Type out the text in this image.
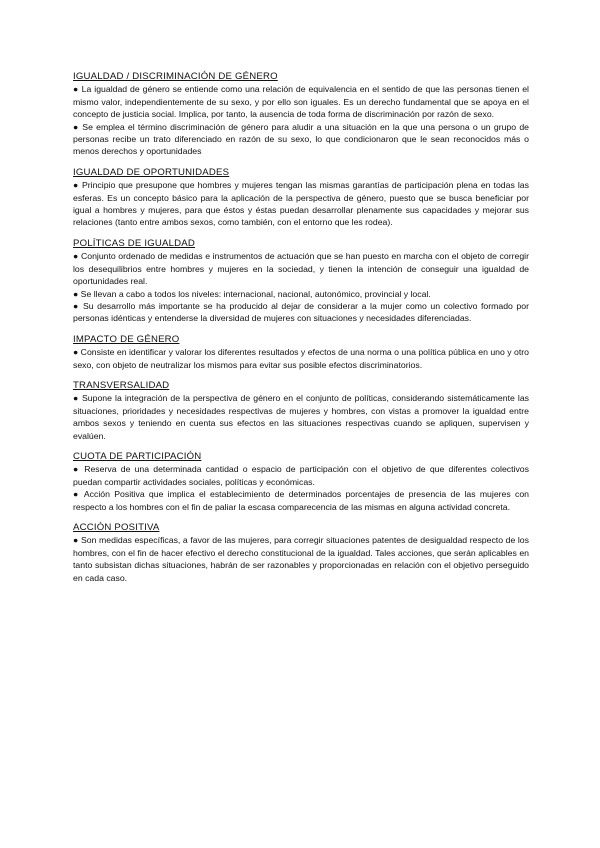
IGUALDAD / DISCRIMINACIÓN DE GÉNERO

● La igualdad de género se entiende como una relación de equivalencia en el sentido de que las personas tienen el mismo valor, independientemente de su sexo, y por ello son iguales. Es un derecho fundamental que se apoya en el concepto de justicia social. Implica, por tanto, la ausencia de toda forma de discriminación por razón de sexo.

● Se emplea el término discriminación de género para aludir a una situación en la que una persona o un grupo de personas recibe un trato diferenciado en razón de su sexo, lo que condicionaron que le sean reconocidos más o menos derechos y oportunidades

IGUALDAD DE OPORTUNIDADES

● Principio que presupone que hombres y mujeres tengan las mismas garantías de participación plena en todas las esferas. Es un concepto básico para la aplicación de la perspectiva de género, puesto que se busca beneficiar por igual a hombres y mujeres, para que éstos y éstas puedan desarrollar plenamente sus capacidades y mejorar sus relaciones (tanto entre ambos sexos, como también, con el entorno que les rodea).

POLÍTICAS DE IGUALDAD

● Conjunto ordenado de medidas e instrumentos de actuación que se han puesto en marcha con el objeto de corregir los desequilibrios entre hombres y mujeres en la sociedad, y tienen la intención de conseguir una igualdad de oportunidades real.

● Se llevan a cabo a todos los niveles: internacional, nacional, autonómico, provincial y local.

● Su desarrollo más importante se ha producido al dejar de considerar a la mujer como un colectivo formado por personas idénticas y entenderse la diversidad de mujeres con situaciones y necesidades diferenciadas.

IMPACTO DE GÉNERO

● Consiste en identificar y valorar los diferentes resultados y efectos de una norma o una política pública en uno y otro sexo, con objeto de neutralizar los mismos para evitar sus posible efectos discriminatorios.

TRANSVERSALIDAD

● Supone la integración de la perspectiva de género en el conjunto de políticas, considerando sistemáticamente las situaciones, prioridades y necesidades respectivas de mujeres y hombres, con vistas a promover la igualdad entre ambos sexos y teniendo en cuenta sus efectos en las situaciones respectivas cuando se apliquen, supervisen y evalúen.

CUOTA DE PARTICIPACIÓN

● Reserva de una determinada cantidad o espacio de participación con el objetivo de que diferentes colectivos puedan compartir actividades sociales, políticas y económicas.

● Acción Positiva que implica el establecimiento de determinados porcentajes de presencia de las mujeres con respecto a los hombres con el fin de paliar la escasa comparecencia de las mismas en alguna actividad concreta.

ACCIÓN POSITIVA

● Son medidas específicas, a favor de las mujeres, para corregir situaciones patentes de desigualdad respecto de los hombres, con el fin de hacer efectivo el derecho constitucional de la igualdad. Tales acciones, que serán aplicables en tanto subsistan dichas situaciones, habrán de ser razonables y proporcionadas en relación con el objetivo perseguido en cada caso.
